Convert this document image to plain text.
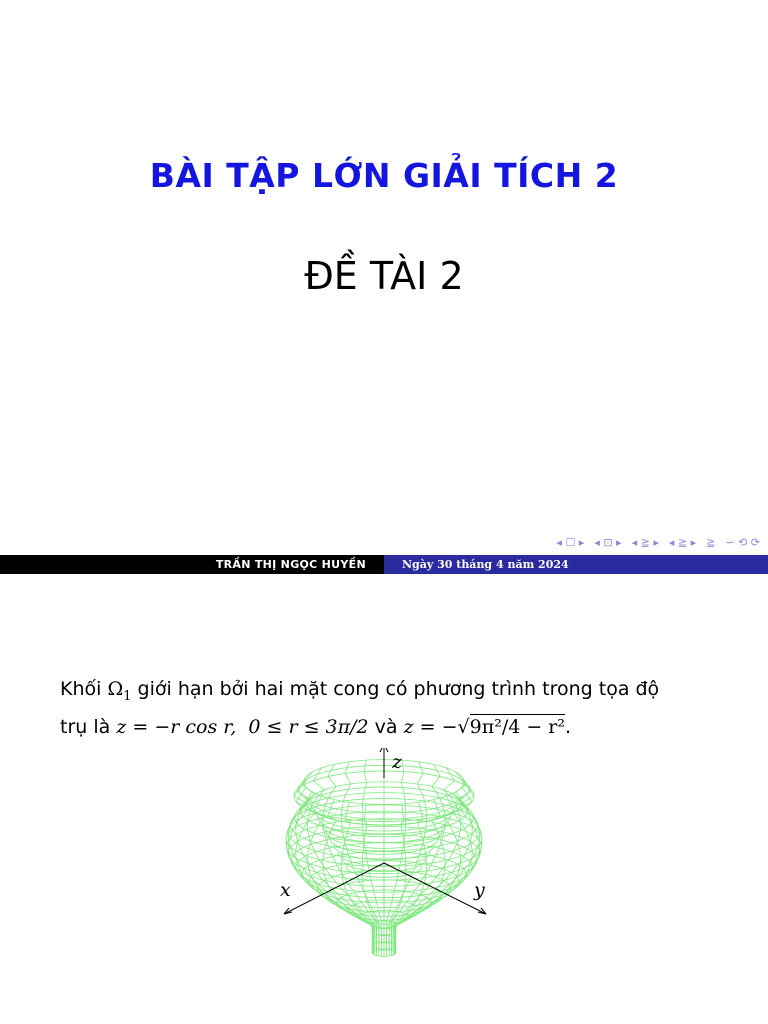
BÀI TẬP LỚN GIẢI TÍCH 2
ĐỀ TÀI 2
◂ ☐ ▸ ◂ ⊡ ▸ ◂ ≧ ▸ ◂ ≧ ▸ ≧ ∽ ⟲ ⟳
TRẦN THỊ NGỌC HUYỀN	Ngày 30 tháng 4 năm 2024
Khối $\Omega_1$ giới hạn bởi hai mặt cong có phương trình trong tọa độ
trụ là z = −r cos r, 0 ≤ r ≤ 3π/2 và z = −√9π²/4 − r².
z
x	y
